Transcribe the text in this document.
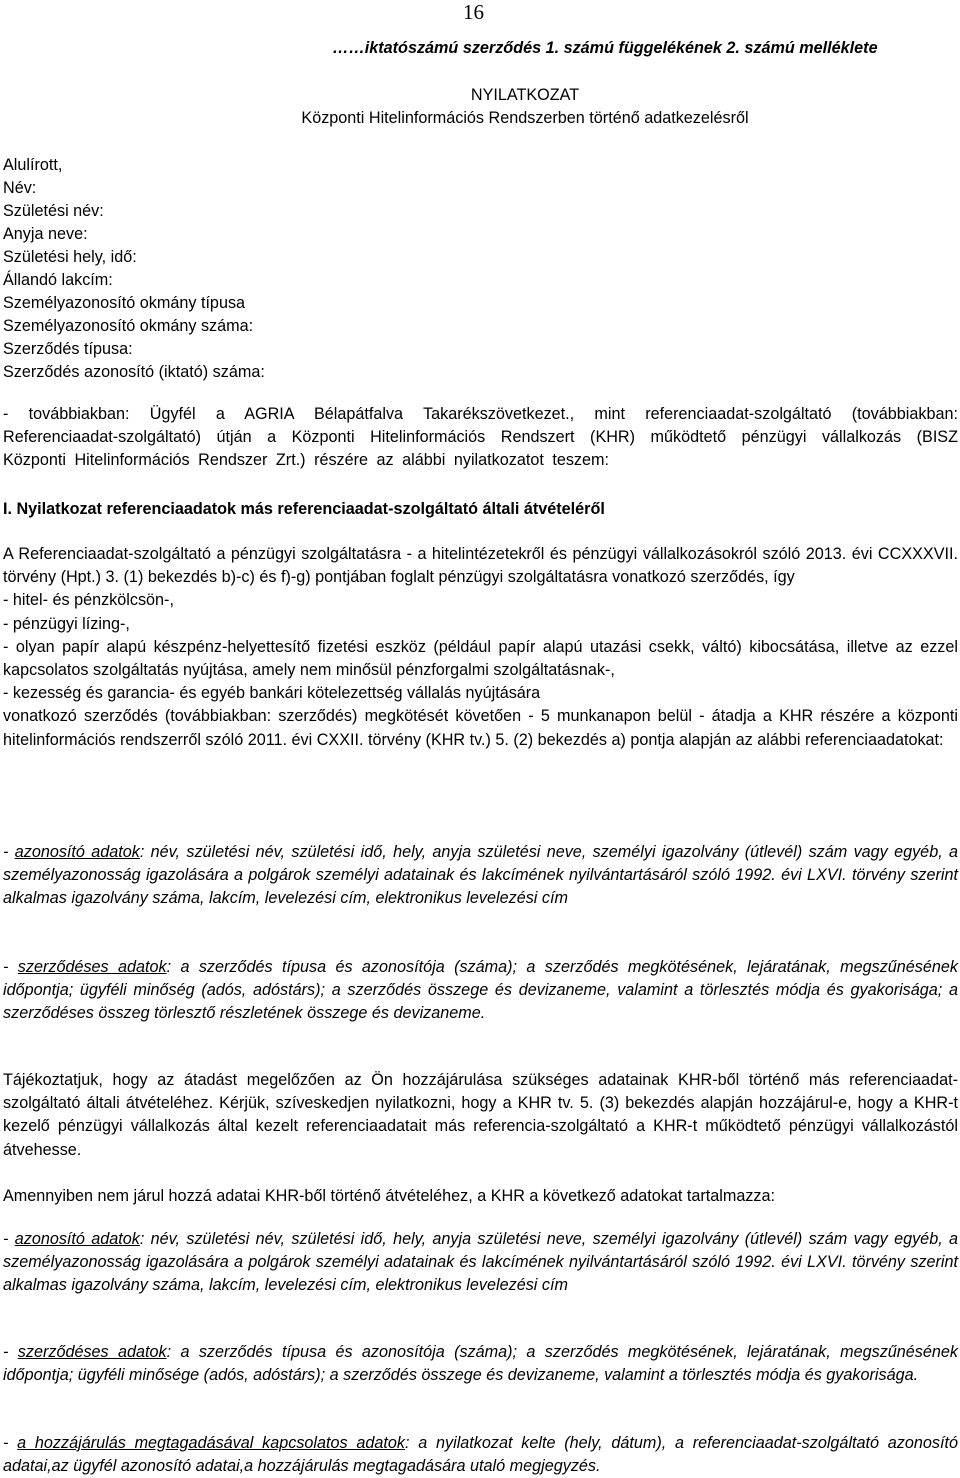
16
……iktatószámú szerződés 1. számú függelékének 2. számú melléklete
NYILATKOZAT
Központi Hitelinformációs Rendszerben történő adatkezelésről
Alulírott,
Név:
Születési név:
Anyja neve:
Születési hely, idő:
Állandó lakcím:
Személyazonosító okmány típusa
Személyazonosító okmány száma:
Szerződés típusa:
Szerződés azonosító (iktató) száma:

- továbbiakban: Ügyfél a AGRIA Bélapátfalva Takarékszövetkezet., mint referenciaadat-szolgáltató (továbbiakban: Referenciaadat-szolgáltató) útján a Központi Hitelinformációs Rendszert (KHR) működtető pénzügyi vállalkozás (BISZ Központi Hitelinformációs Rendszer Zrt.) részére az alábbi nyilatkozatot teszem:

I. Nyilatkozat referenciaadatok más referenciaadat-szolgáltató általi átvételéről

A Referenciaadat-szolgáltató a pénzügyi szolgáltatásra - a hitelintézetekről és pénzügyi vállalkozásokról szóló 2013. évi CCXXXVII. törvény (Hpt.) 3. (1) bekezdés b)-c) és f)-g) pontjában foglalt pénzügyi szolgáltatásra vonatkozó szerződés, így

- hitel- és pénzkölcsön-,

- pénzügyi lízing-,

- olyan papír alapú készpénz-helyettesítő fizetési eszköz (például papír alapú utazási csekk, váltó) kibocsátása, illetve az ezzel kapcsolatos szolgáltatás nyújtása, amely nem minősül pénzforgalmi szolgáltatásnak-,

- kezesség és garancia- és egyéb bankári kötelezettség vállalás nyújtására

vonatkozó szerződés (továbbiakban: szerződés) megkötését követően - 5 munkanapon belül - átadja a KHR részére a központi hitelinformációs rendszerről szóló 2011. évi CXXII. törvény (KHR tv.) 5. (2) bekezdés a) pontja alapján az alábbi referenciaadatokat:

- azonosító adatok: név, születési név, születési idő, hely, anyja születési neve, személyi igazolvány (útlevél) szám vagy egyéb, a személyazonosság igazolására a polgárok személyi adatainak és lakcímének nyilvántartásáról szóló 1992. évi LXVI. törvény szerint alkalmas igazolvány száma, lakcím, levelezési cím, elektronikus levelezési cím

- szerződéses adatok: a szerződés típusa és azonosítója (száma); a szerződés megkötésének, lejáratának, megszűnésének időpontja; ügyféli minőség (adós, adóstárs); a szerződés összege és devizaneme, valamint a törlesztés módja és gyakorisága; a szerződéses összeg törlesztő részletének összege és devizaneme.

Tájékoztatjuk, hogy az átadást megelőzően az Ön hozzájárulása szükséges adatainak KHR-ből történő más referenciaadat-szolgáltató általi átvételéhez. Kérjük, szíveskedjen nyilatkozni, hogy a KHR tv. 5. (3) bekezdés alapján hozzájárul-e, hogy a KHR-t kezelő pénzügyi vállalkozás által kezelt referenciaadatait más referencia-szolgáltató a KHR-t működtető pénzügyi vállalkozástól átvehesse.

Amennyiben nem járul hozzá adatai KHR-ből történő átvételéhez, a KHR a következő adatokat tartalmazza:

- azonosító adatok: név, születési név, születési idő, hely, anyja születési neve, személyi igazolvány (útlevél) szám vagy egyéb, a személyazonosság igazolására a polgárok személyi adatainak és lakcímének nyilvántartásáról szóló 1992. évi LXVI. törvény szerint alkalmas igazolvány száma, lakcím, levelezési cím, elektronikus levelezési cím

- szerződéses adatok: a szerződés típusa és azonosítója (száma); a szerződés megkötésének, lejáratának, megszűnésének időpontja; ügyféli minősége (adós, adóstárs); a szerződés összege és devizaneme, valamint a törlesztés módja és gyakorisága.

- a hozzájárulás megtagadásával kapcsolatos adatok: a nyilatkozat kelte (hely, dátum), a referenciaadat-szolgáltató azonosító adatai,az ügyfél azonosító adatai,a hozzájárulás megtagadására utaló megjegyzés.
